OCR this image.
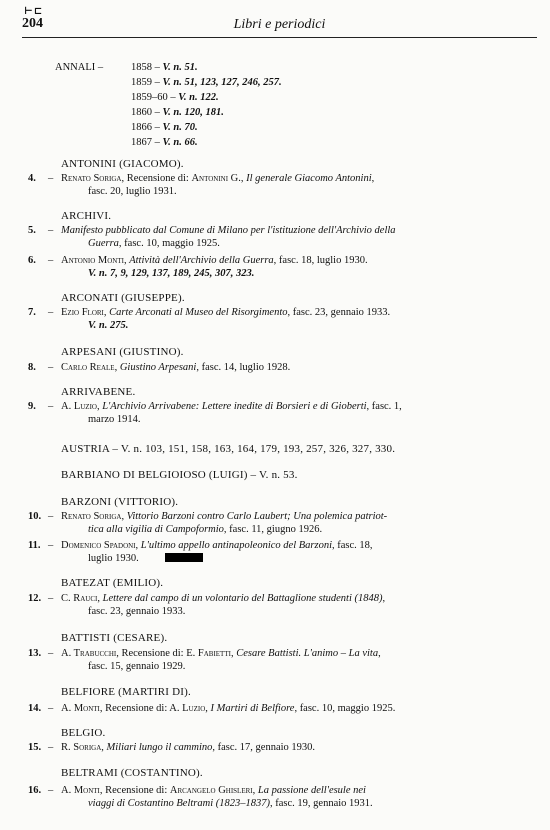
⊢⊏
204	Libri e periodici
ANNALI –	1858 – V. n. 51.
1859 – V. n. 51, 123, 127, 246, 257.
1859–60 – V. n. 122.
1860 – V. n. 120, 181.
1866 – V. n. 70.
1867 – V. n. 66.
ANTONINI (GIACOMO).
4.	– Renato Soriga, Recensione di: Antonini G., Il generale Giacomo Antonini,
fasc. 20, luglio 1931.
ARCHIVI.
5.	– Manifesto pubblicato dal Comune di Milano per l'istituzione dell'Archivio della
Guerra, fasc. 10, maggio 1925.
6.	– Antonio Monti, Attività dell'Archivio della Guerra, fasc. 18, luglio 1930.
V. n. 7, 9, 129, 137, 189, 245, 307, 323.
ARCONATI (GIUSEPPE).
7.	– Ezio Flori, Carte Arconati al Museo del Risorgimento, fasc. 23, gennaio 1933.
V. n. 275.
ARPESANI (GIUSTINO).
8.	– Carlo Reale, Giustino Arpesani, fasc. 14, luglio 1928.
ARRIVABENE.
9.	– A. Luzio, L'Archivio Arrivabene: Lettere inedite di Borsieri e di Gioberti, fasc. 1,
marzo 1914.
AUSTRIA – V. n. 103, 151, 158, 163, 164, 179, 193, 257, 326, 327, 330.
BARBIANO DI BELGIOIOSO (LUIGI) – V. n. 53.
BARZONI (VITTORIO).
10. – Renato Soriga, Vittorio Barzoni contro Carlo Laubert; Una polemica patriot-
tica alla vigilia di Campoformio, fasc. 11, giugno 1926.
11. – Domenico Spadoni, L'ultimo appello antinapoleonico del Barzoni, fasc. 18,
luglio 1930.
BATEZAT (EMILIO).
12. – C. Rauci, Lettere dal campo di un volontario del Battaglione studenti (1848),
fasc. 23, gennaio 1933.
BATTISTI (CESARE).
13. – A. Trabucchi, Recensione di: E. Fabietti, Cesare Battisti. L'animo – La vita,
fasc. 15, gennaio 1929.
BELFIORE (MARTIRI DI).
14. – A. Monti, Recensione di: A. Luzio, I Martiri di Belfiore, fasc. 10, maggio 1925.
BELGIO.
15. – R. Soriga, Miliari lungo il cammino, fasc. 17, gennaio 1930.
BELTRAMI (COSTANTINO).
16. – A. Monti, Recensione di: Arcangelo Ghisleri, La passione dell'esule nei
viaggi di Costantino Beltrami (1823–1837), fasc. 19, gennaio 1931.
